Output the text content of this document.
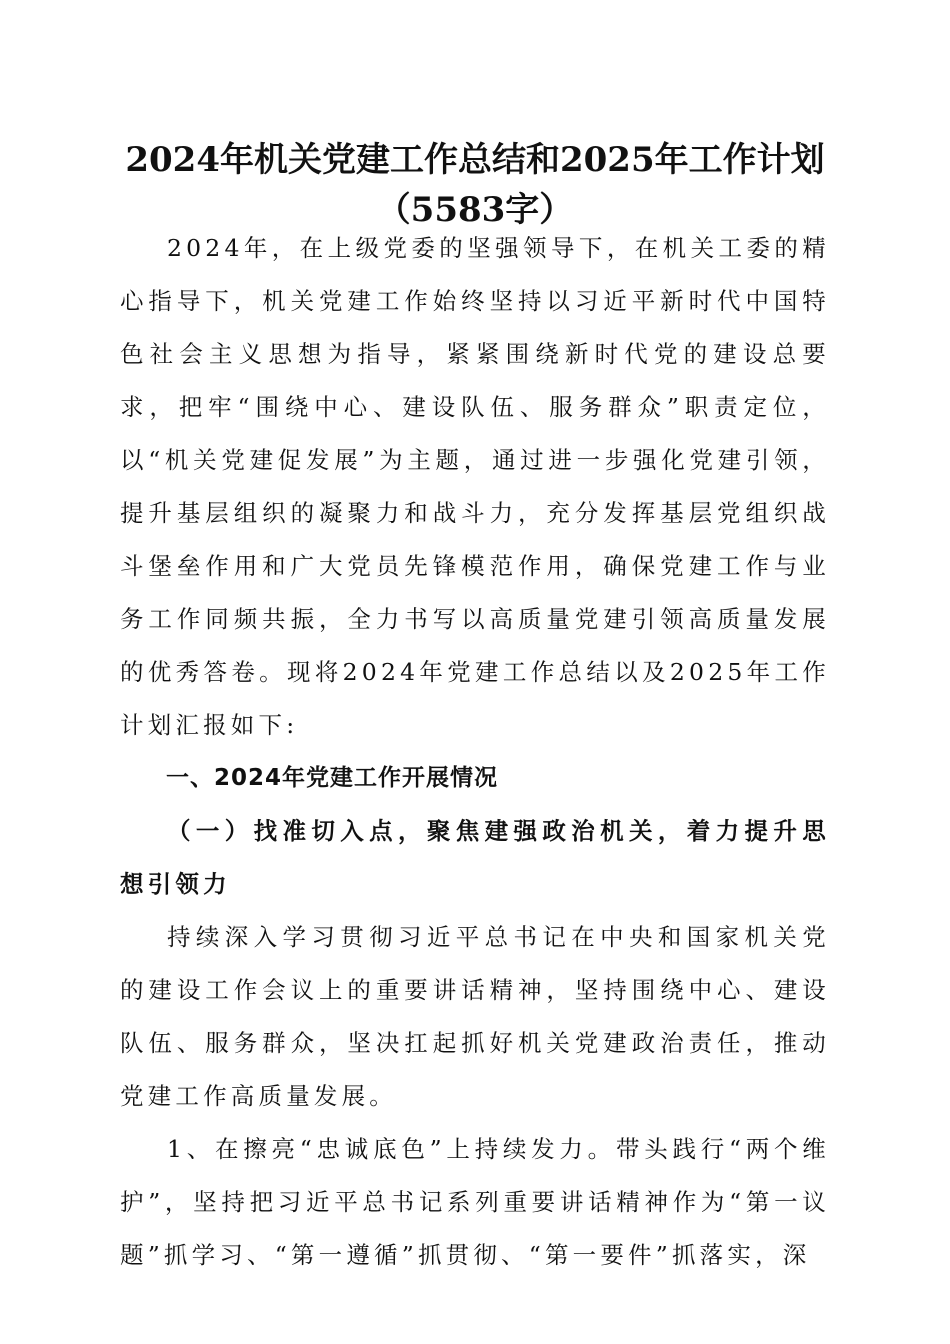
2024年机关党建工作总结和2025年工作计划
（5583字）

2024年，在上级党委的坚强领导下，在机关工委的精心指导下，机关党建工作始终坚持以习近平新时代中国特色社会主义思想为指导，紧紧围绕新时代党的建设总要求，把牢“围绕中心、建设队伍、服务群众”职责定位，以“机关党建促发展”为主题，通过进一步强化党建引领，提升基层组织的凝聚力和战斗力，充分发挥基层党组织战斗堡垒作用和广大党员先锋模范作用，确保党建工作与业务工作同频共振，全力书写以高质量党建引领高质量发展的优秀答卷。现将2024年党建工作总结以及2025年工作计划汇报如下:

一、2024年党建工作开展情况

（一）找准切入点，聚焦建强政治机关，着力提升思想引领力

持续深入学习贯彻习近平总书记在中央和国家机关党的建设工作会议上的重要讲话精神，坚持围绕中心、建设队伍、服务群众，坚决扛起抓好机关党建政治责任，推动党建工作高质量发展。

1、在擦亮“忠诚底色”上持续发力。带头践行“两个维护”，坚持把习近平总书记系列重要讲话精神作为“第一议题”抓学习、“第一遵循”抓贯彻、“第一要件”抓落实，深
